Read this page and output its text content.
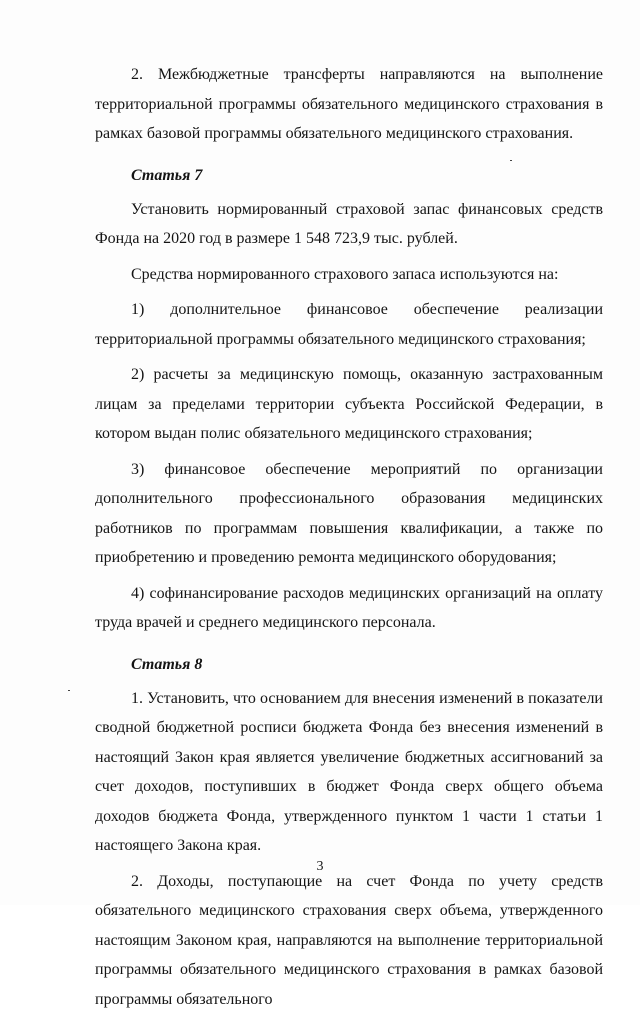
2. Межбюджетные трансферты направляются на выполнение территориальной программы обязательного медицинского страхования в рамках базовой программы обязательного медицинского страхования.

Статья 7

Установить нормированный страховой запас финансовых средств Фонда на 2020 год в размере 1 548 723,9 тыс. рублей.

Средства нормированного страхового запаса используются на:

1) дополнительное финансовое обеспечение реализации территориальной программы обязательного медицинского страхования;

2) расчеты за медицинскую помощь, оказанную застрахованным лицам за пределами территории субъекта Российской Федерации, в котором выдан полис обязательного медицинского страхования;

3) финансовое обеспечение мероприятий по организации дополнительного профессионального образования медицинских работников по программам повышения квалификации, а также по приобретению и проведению ремонта медицинского оборудования;

4) софинансирование расходов медицинских организаций на оплату труда врачей и среднего медицинского персонала.

Статья 8

1. Установить, что основанием для внесения изменений в показатели сводной бюджетной росписи бюджета Фонда без внесения изменений в настоящий Закон края является увеличение бюджетных ассигнований за счет доходов, поступивших в бюджет Фонда сверх общего объема доходов бюджета Фонда, утвержденного пунктом 1 части 1 статьи 1 настоящего Закона края.

2. Доходы, поступающие на счет Фонда по учету средств обязательного медицинского страхования сверх объема, утвержденного настоящим Законом края, направляются на выполнение территориальной программы обязательного медицинского страхования в рамках базовой программы обязательного

3
